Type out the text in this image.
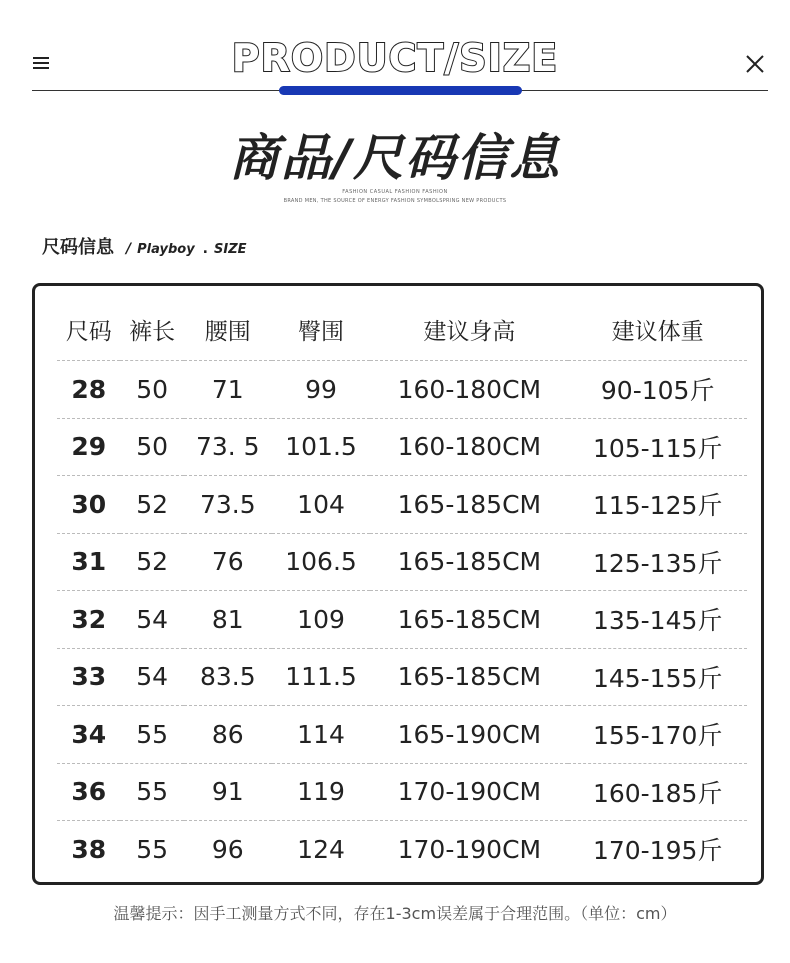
PRODUCT/SIZE
商品/尺码信息
FASHION CASUAL FASHION FASHION
BRAND MEN, THE SOURCE OF ENERGY FASHION SYMBOLSPRING NEW PRODUCTS
尺码信息 / Playboy . SIZE
尺码	裤长	腰围	臀围	建议身高	建议体重
28	50	71	99	160-180CM	90-105斤
29	50	73. 5	101.5	160-180CM	105-115斤
30	52	73.5	104	165-185CM	115-125斤
31	52	76	106.5	165-185CM	125-135斤
32	54	81	109	165-185CM	135-145斤
33	54	83.5	111.5	165-185CM	145-155斤
34	55	86	114	165-190CM	155-170斤
36	55	91	119	170-190CM	160-185斤
38	55	96	124	170-190CM	170-195斤
温馨提示：因手工测量方式不同，存在1-3cm误差属于合理范围。（单位：cm）
